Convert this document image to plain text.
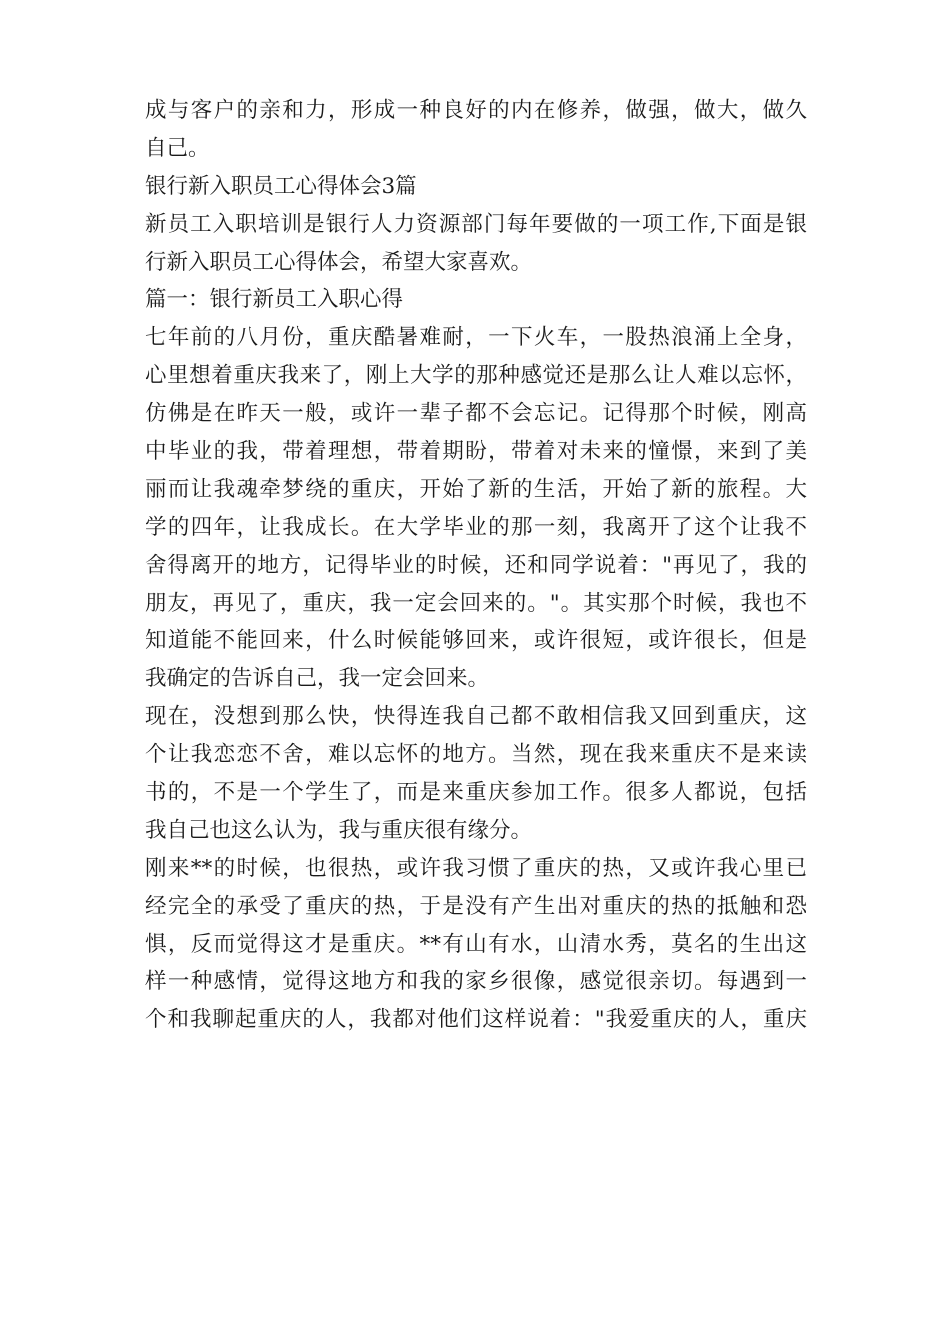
成与客户的亲和力，形成一种良好的内在修养，做强，做大，做久
自己。
银行新入职员工心得体会3篇
新员工入职培训是银行人力资源部门每年要做的一项工作,下面是银
行新入职员工心得体会，希望大家喜欢。
篇一：银行新员工入职心得
七年前的八月份，重庆酷暑难耐，一下火车，一股热浪涌上全身，
心里想着重庆我来了，刚上大学的那种感觉还是那么让人难以忘怀，
仿佛是在昨天一般，或许一辈子都不会忘记。记得那个时候，刚高
中毕业的我，带着理想，带着期盼，带着对未来的憧憬，来到了美
丽而让我魂牵梦绕的重庆，开始了新的生活，开始了新的旅程。大
学的四年，让我成长。在大学毕业的那一刻，我离开了这个让我不
舍得离开的地方，记得毕业的时候，还和同学说着："再见了，我的
朋友，再见了，重庆，我一定会回来的。"。其实那个时候，我也不
知道能不能回来，什么时候能够回来，或许很短，或许很长，但是
我确定的告诉自己，我一定会回来。
现在，没想到那么快，快得连我自己都不敢相信我又回到重庆，这
个让我恋恋不舍，难以忘怀的地方。当然，现在我来重庆不是来读
书的，不是一个学生了，而是来重庆参加工作。很多人都说，包括
我自己也这么认为，我与重庆很有缘分。
刚来**的时候，也很热，或许我习惯了重庆的热，又或许我心里已
经完全的承受了重庆的热，于是没有产生出对重庆的热的抵触和恐
惧，反而觉得这才是重庆。**有山有水，山清水秀，莫名的生出这
样一种感情，觉得这地方和我的家乡很像，感觉很亲切。每遇到一
个和我聊起重庆的人，我都对他们这样说着："我爱重庆的人，重庆
